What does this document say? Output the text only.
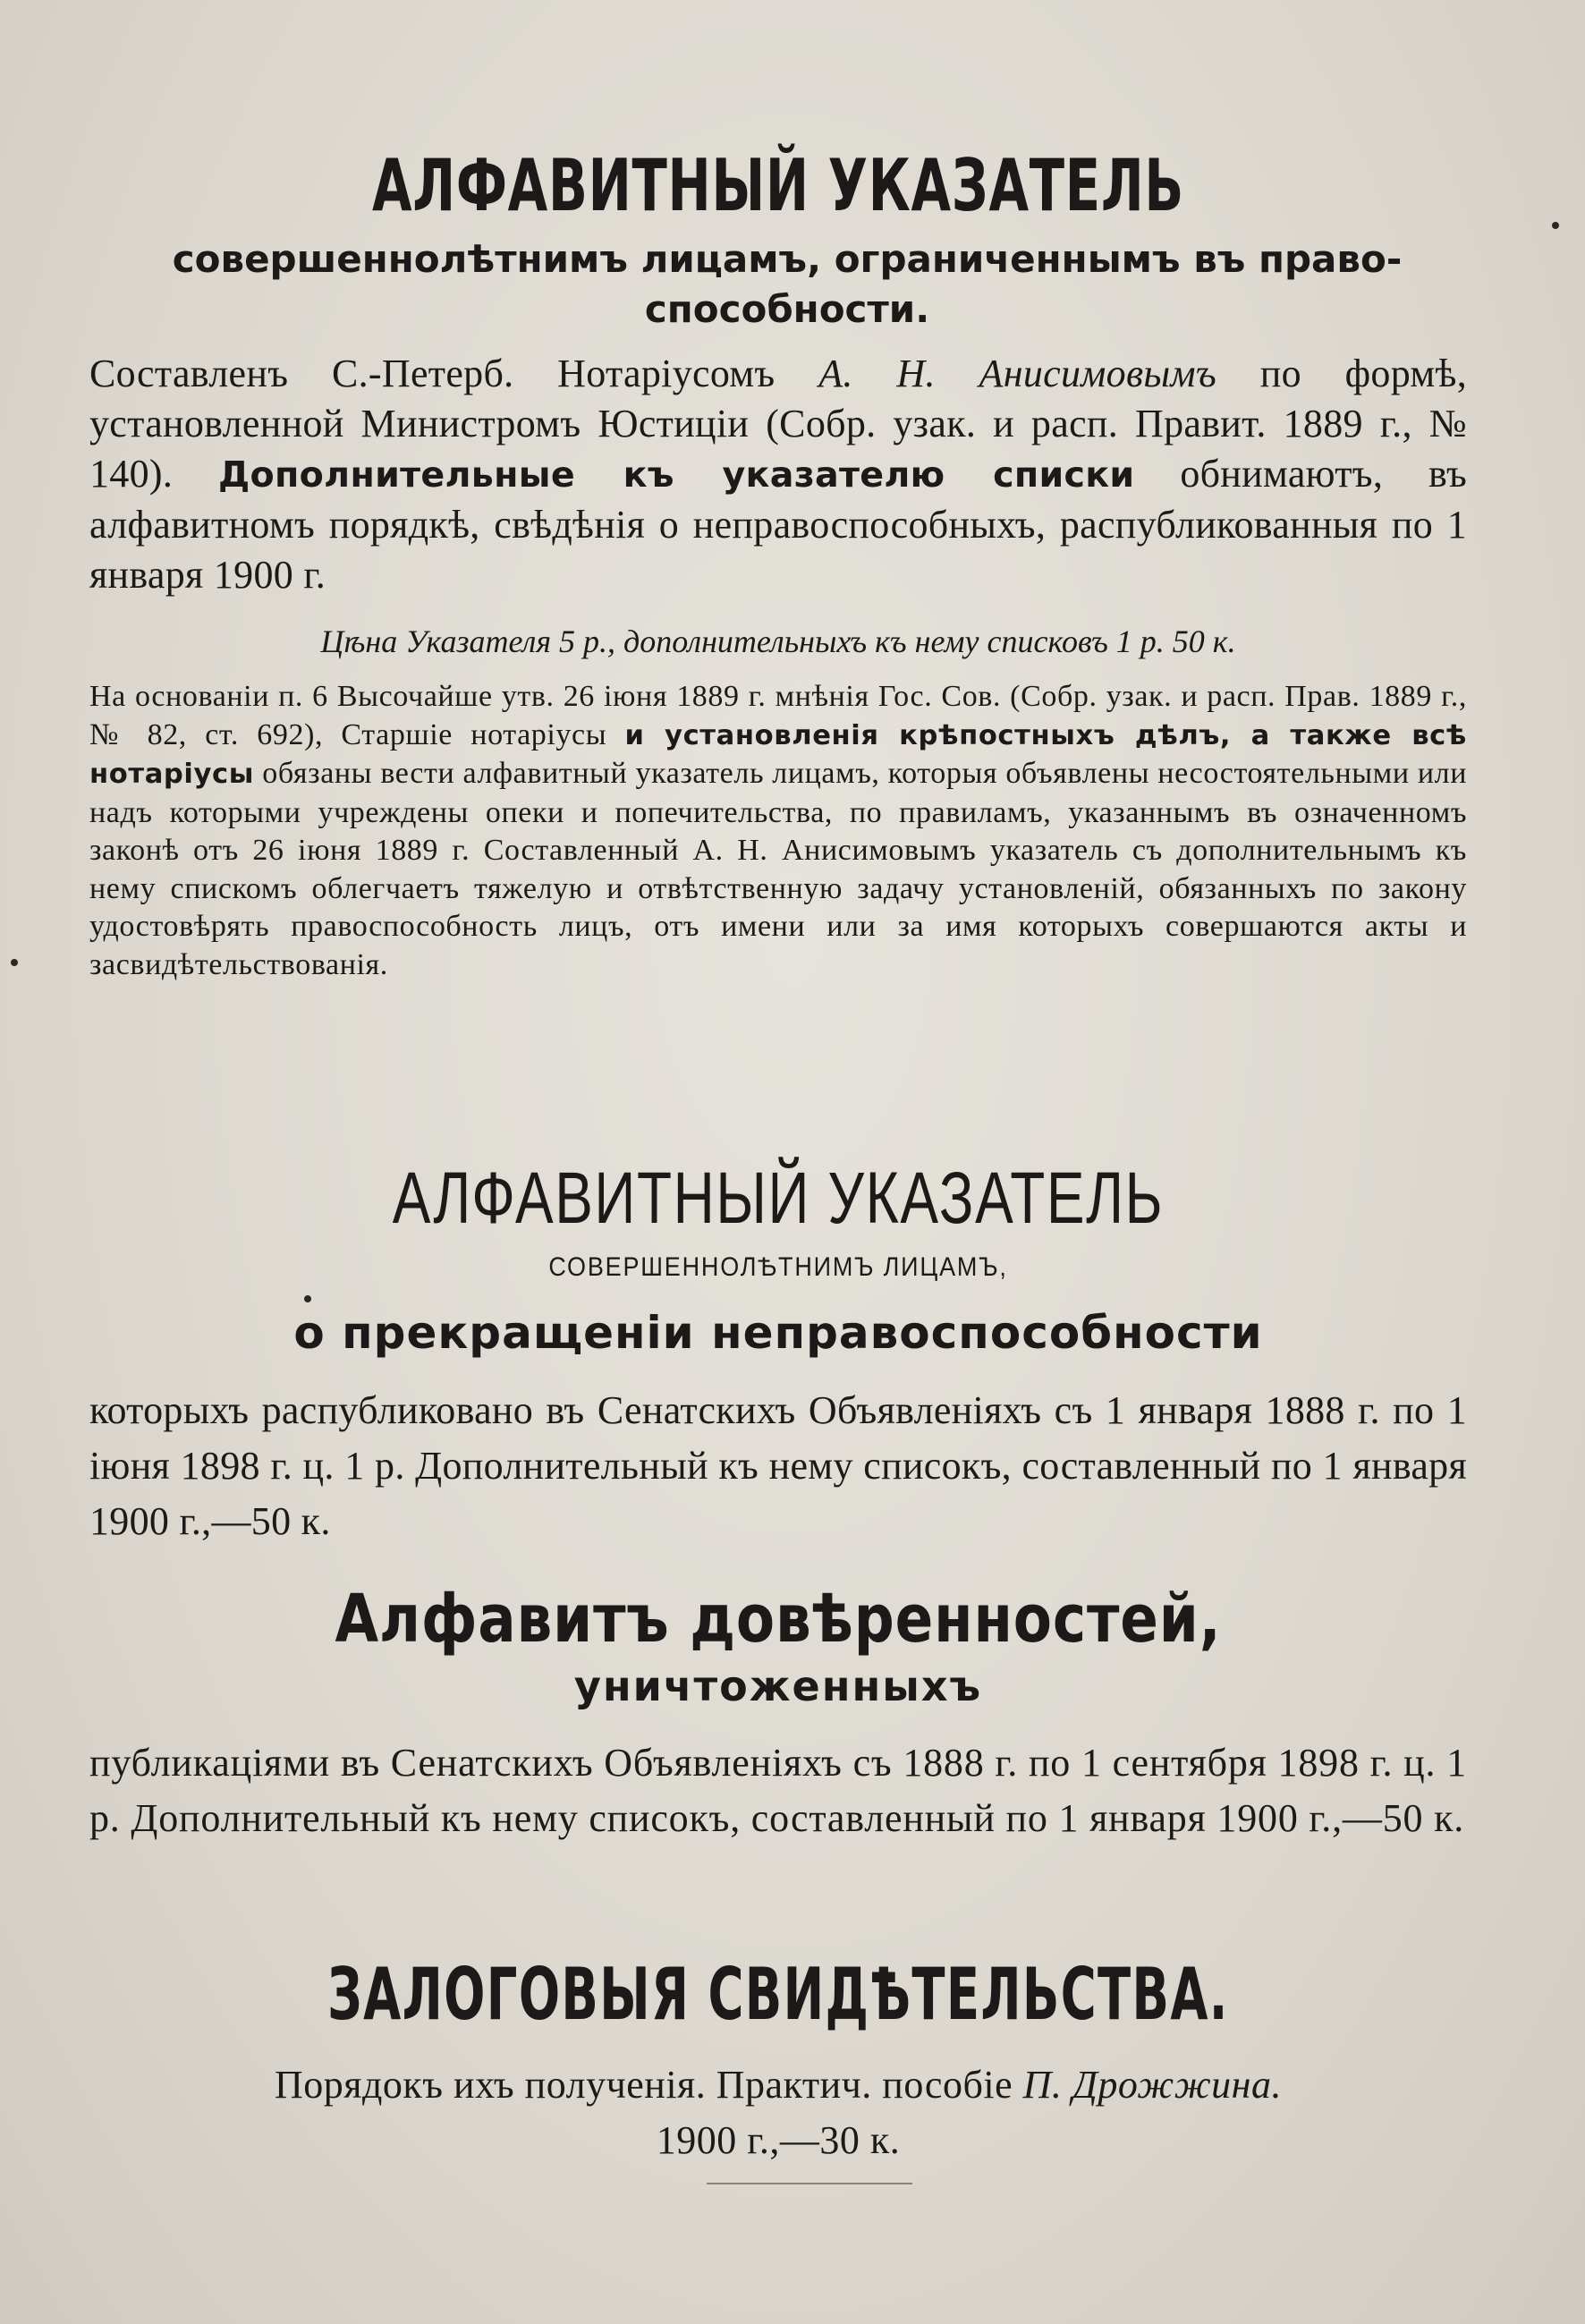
АЛФАВИТНЫЙ УКАЗАТЕЛЬ
совершеннолѣтнимъ лицамъ, ограниченнымъ въ право-способности.

Составленъ С.-Петерб. Нотаріусомъ А. Н. Анисимовымъ по формѣ, установленной Министромъ Юстиціи (Собр. узак. и расп. Правит. 1889 г., № 140). Дополнительные къ указателю списки обнимаютъ, въ алфавитномъ порядкѣ, свѣдѣнія о неправоспособныхъ, распубликованныя по 1 января 1900 г.

Цѣна Указателя 5 р., дополнительныхъ къ нему списковъ 1 р. 50 к.

На основаніи п. 6 Высочайше утв. 26 іюня 1889 г. мнѣнія Гос. Сов. (Собр. узак. и расп. Прав. 1889 г., № 82, ст. 692), Старшіе нотаріусы и установленія крѣпостныхъ дѣлъ, а также всѣ нотаріусы обязаны вести алфавитный указатель лицамъ, которыя объявлены несостоятельными или надъ которыми учреждены опеки и попечительства, по правиламъ, указаннымъ въ означенномъ законѣ отъ 26 іюня 1889 г. Составленный А. Н. Анисимовымъ указатель съ дополнительнымъ къ нему спискомъ облегчаетъ тяжелую и отвѣтственную задачу установленій, обязанныхъ по закону удостовѣрять правоспособность лицъ, отъ имени или за имя которыхъ совершаются акты и засвидѣтельствованія.

АЛФАВИТНЫЙ УКАЗАТЕЛЬ
СОВЕРШЕННОЛѢТНИМЪ ЛИЦАМЪ,
о прекращеніи неправоспособности

которыхъ распубликовано въ Сенатскихъ Объявленіяхъ съ 1 января 1888 г. по 1 іюня 1898 г. ц. 1 р. Дополнительный къ нему списокъ, составленный по 1 января 1900 г.,—50 к.

Алфавитъ довѣренностей,
уничтоженныхъ

публикаціями въ Сенатскихъ Объявленіяхъ съ 1888 г. по 1 сентября 1898 г. ц. 1 р. Дополнительный къ нему списокъ, составленный по 1 января 1900 г.,—50 к.

ЗАЛОГОВЫЯ СВИДѢТЕЛЬСТВА.
Порядокъ ихъ полученія. Практич. пособіе П. Дрожжина.
1900 г.,—30 к.
